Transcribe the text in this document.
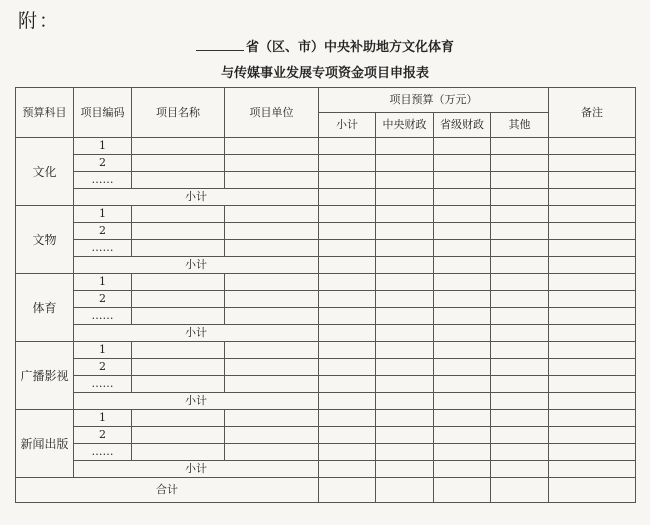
附：
省（区、市）中央补助地方文化体育
与传媒事业发展专项资金项目申报表
预算科目	项目编码	项目名称	项目单位	项目预算（万元）				备注
				小计	中央财政	省级财政	其他	
文化	1							
	2							
	……							
	小计							
文物	1							
	2							
	……							
	小计							
体育	1							
	2							
	……							
	小计							
广播影视	1							
	2							
	……							
	小计							
新闻出版	1							
	2							
	……							
	小计							
合计								
